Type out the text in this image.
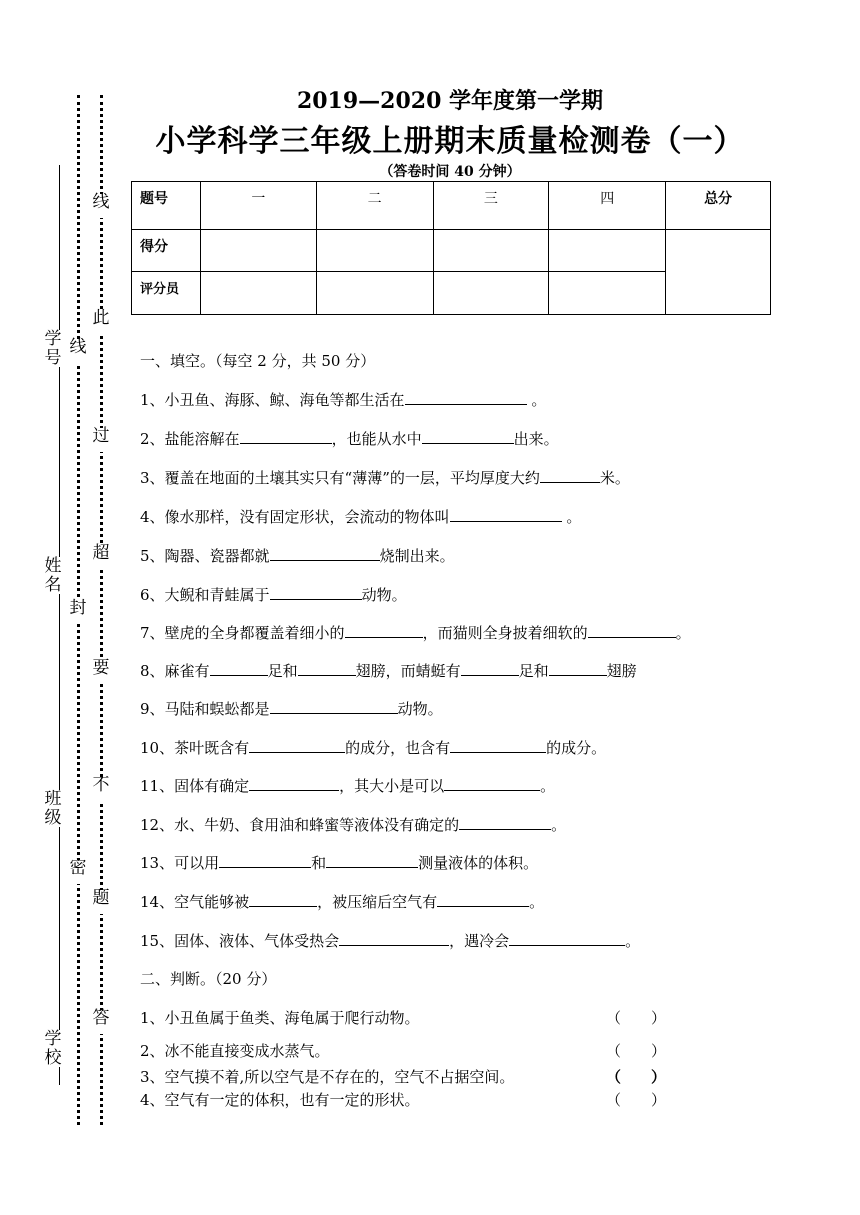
学号
姓名
班级
学校
线
封
密
线
此
过
超
要
不
题
答
2019—2020 学年度第一学期
小学科学三年级上册期末质量检测卷（一）
（答卷时间 40 分钟）
题号	一	二	三	四	总分
得分					
评分员					
一、填空。（每空 2 分，共 50 分）
1、小丑鱼、海豚、鲸、海龟等都生活在	。
2、盐能溶解在	，也能从水中	出来。
3、覆盖在地面的土壤其实只有“薄薄”的一层，平均厚度大约	米。
4、像水那样，没有固定形状，会流动的物体叫	。
5、陶器、瓷器都就	烧制出来。
6、大鲵和青蛙属于	动物。
7、壁虎的全身都覆盖着细小的	，而猫则全身披着细软的	。
8、麻雀有	足和	翅膀，而蜻蜓有	足和	翅膀
9、马陆和蜈蚣都是	动物。
10、茶叶既含有	的成分，也含有	的成分。
11、固体有确定	，其大小是可以	。
12、水、牛奶、食用油和蜂蜜等液体没有确定的	。
13、可以用	和	测量液体的体积。
14、空气能够被	，被压缩后空气有	。
15、固体、液体、气体受热会	，遇冷会	。
二、判断。（20 分）
1、小丑鱼属于鱼类、海龟属于爬行动物。	（　　）
2、冰不能直接变成水蒸气。	（　　）
3、空气摸不着,所以空气是不存在的，空气不占据空间。	（　　）
4、空气有一定的体积，也有一定的形状。	（　　）
